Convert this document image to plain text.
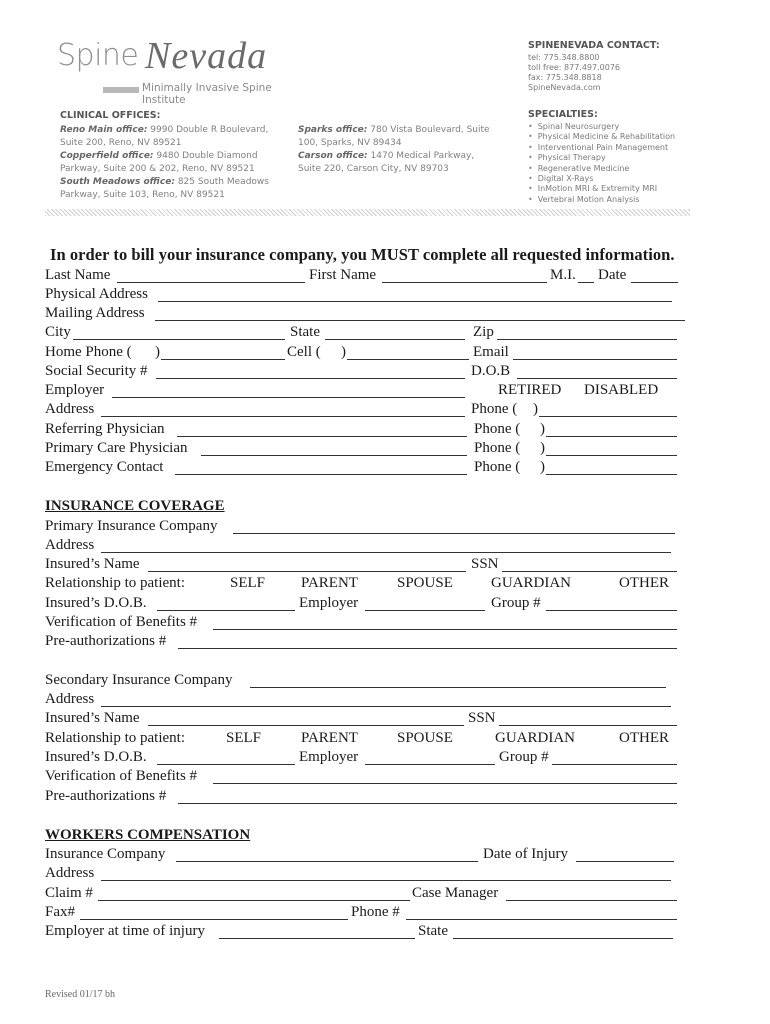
Spine Nevada
Minimally Invasive Spine Institute
SPINENEVADA CONTACT:
tel: 775.348.8800
toll free: 877.497.0076
fax: 775.348.8818
SpineNevada.com
CLINICAL OFFICES:
Reno Main office: 9990 Double R Boulevard,
Suite 200, Reno, NV 89521
Copperfield office: 9480 Double Diamond
Parkway, Suite 200 & 202, Reno, NV 89521
South Meadows office: 825 South Meadows
Parkway, Suite 103, Reno, NV 89521
Sparks office: 780 Vista Boulevard, Suite
100, Sparks, NV 89434
Carson office: 1470 Medical Parkway,
Suite 220, Carson City, NV 89703
SPECIALTIES:
• Spinal Neurosurgery
• Physical Medicine & Rehabilitation
• Interventional Pain Management
• Physical Therapy
• Regenerative Medicine
• Digital X-Rays
• InMotion MRI & Extremity MRI
• Vertebral Motion Analysis
In order to bill your insurance company, you MUST complete all requested information.
Last Name	First Name	M.I. Date
Physical Address
Mailing Address
City	State	Zip
Home Phone ( )	Cell ( )	Email
Social Security #	D.O.B
Employer	RETIRED DISABLED
Address	Phone ( )
Referring Physician	Phone ( )
Primary Care Physician	Phone ( )
Emergency Contact	Phone ( )
INSURANCE COVERAGE
Primary Insurance Company
Address
Insured’s Name	SSN
Relationship to patient:	SELF PARENT	SPOUSE	GUARDIAN	OTHER
Insured’s D.O.B.	Employer	Group #
Verification of Benefits #
Pre-authorizations #
Secondary Insurance Company
Address
Insured’s Name	SSN
Relationship to patient:	SELF	PARENT	SPOUSE	GUARDIAN	OTHER
Insured’s D.O.B.	Employer	Group #
Verification of Benefits #
Pre-authorizations #
WORKERS COMPENSATION
Insurance Company	Date of Injury
Address
Claim #	Case Manager
Fax#	Phone #
Employer at time of injury	State
Revised 01/17 bh
